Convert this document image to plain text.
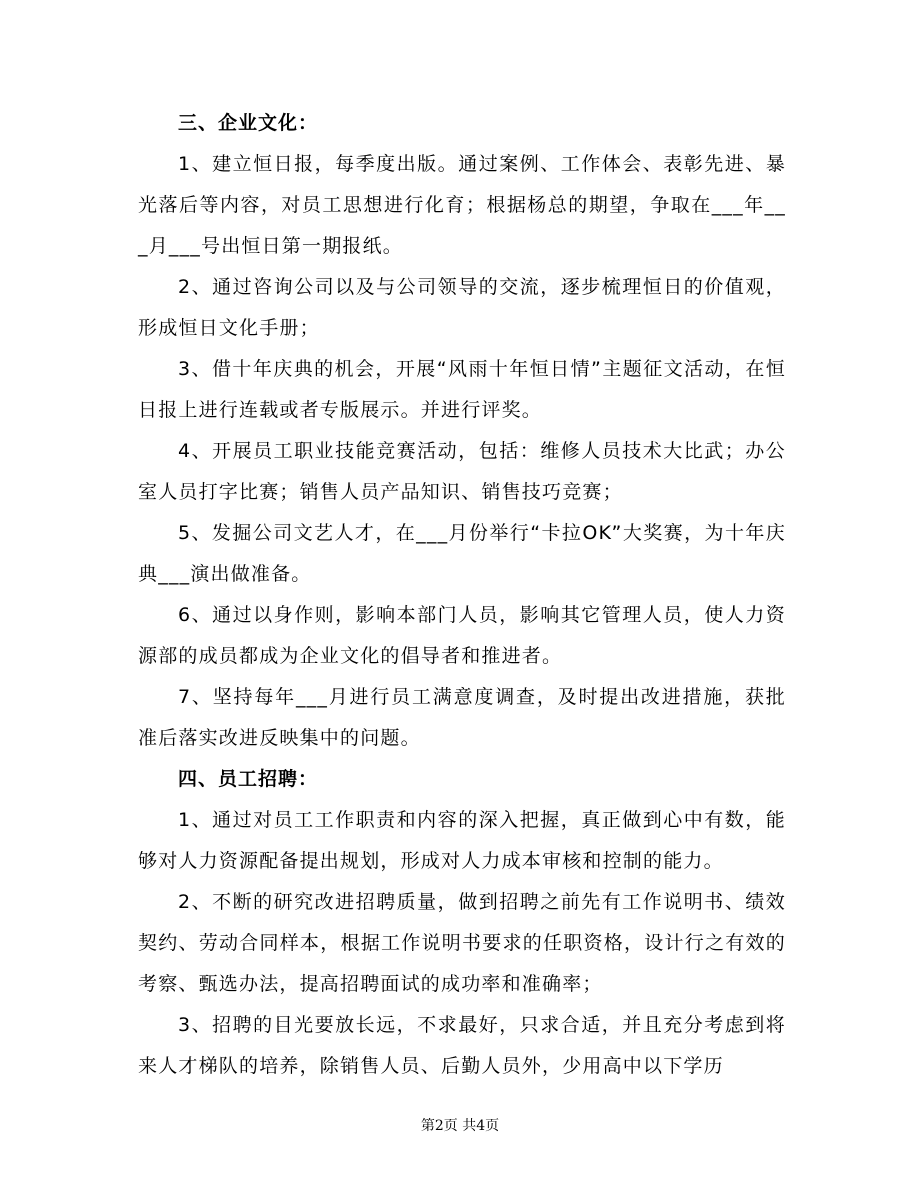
三、企业文化：

1、建立恒日报，每季度出版。通过案例、工作体会、表彰先进、暴光落后等内容，对员工思想进行化育；根据杨总的期望，争取在___年___月___号出恒日第一期报纸。

2、通过咨询公司以及与公司领导的交流，逐步梳理恒日的价值观，形成恒日文化手册；

3、借十年庆典的机会，开展“风雨十年恒日情”主题征文活动，在恒日报上进行连载或者专版展示。并进行评奖。

4、开展员工职业技能竞赛活动，包括：维修人员技术大比武；办公室人员打字比赛；销售人员产品知识、销售技巧竞赛；

5、发掘公司文艺人才，在___月份举行“卡拉OK”大奖赛，为十年庆典___演出做准备。

6、通过以身作则，影响本部门人员，影响其它管理人员，使人力资源部的成员都成为企业文化的倡导者和推进者。

7、坚持每年___月进行员工满意度调查，及时提出改进措施，获批准后落实改进反映集中的问题。

四、员工招聘：

1、通过对员工工作职责和内容的深入把握，真正做到心中有数，能够对人力资源配备提出规划，形成对人力成本审核和控制的能力。

2、不断的研究改进招聘质量，做到招聘之前先有工作说明书、绩效契约、劳动合同样本，根据工作说明书要求的任职资格，设计行之有效的考察、甄选办法，提高招聘面试的成功率和准确率；

3、招聘的目光要放长远，不求最好，只求合适，并且充分考虑到将来人才梯队的培养，除销售人员、后勤人员外，少用高中以下学历

第2页 共4页
